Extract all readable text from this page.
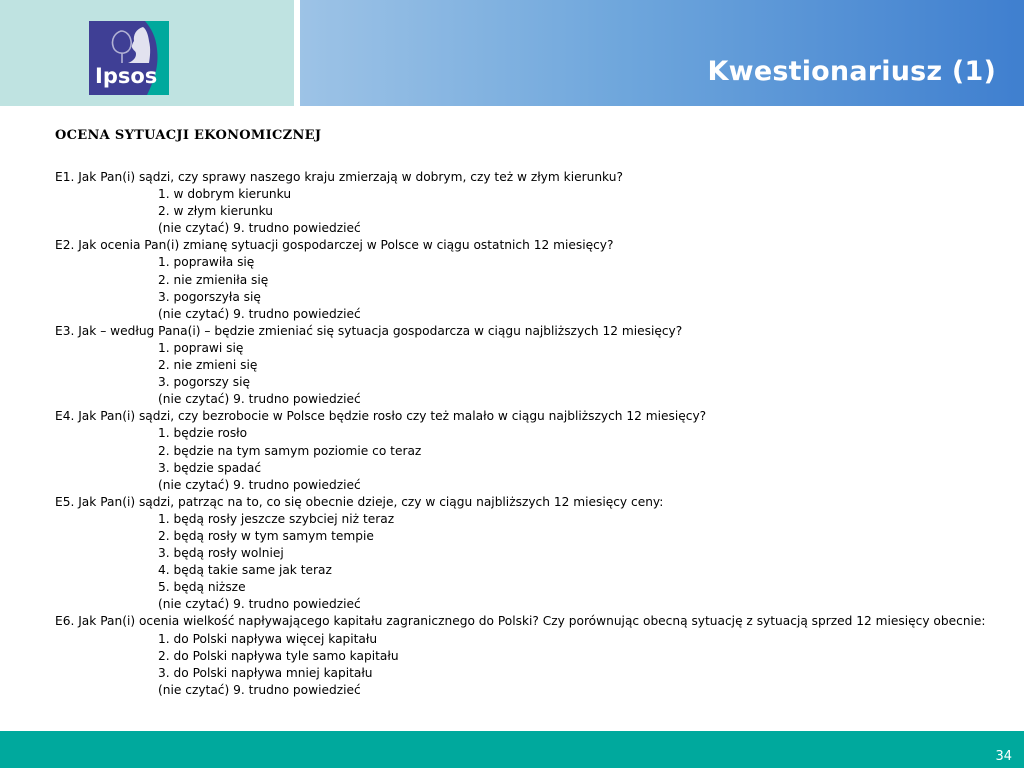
Ipsos	Kwestionariusz (1)
OCENA SYTUACJI EKONOMICZNEJ
E1. Jak Pan(i) sądzi, czy sprawy naszego kraju zmierzają w dobrym, czy też w złym kierunku?
1. w dobrym kierunku
2. w złym kierunku
(nie czytać) 9. trudno powiedzieć
E2. Jak ocenia Pan(i) zmianę sytuacji gospodarczej w Polsce w ciągu ostatnich 12 miesięcy?
1. poprawiła się
2. nie zmieniła się
3. pogorszyła się
(nie czytać) 9. trudno powiedzieć
E3. Jak – według Pana(i) – będzie zmieniać się sytuacja gospodarcza w ciągu najbliższych 12 miesięcy?
1. poprawi się
2. nie zmieni się
3. pogorszy się
(nie czytać) 9. trudno powiedzieć
E4. Jak Pan(i) sądzi, czy bezrobocie w Polsce będzie rosło czy też malało w ciągu najbliższych 12 miesięcy?
1. będzie rosło
2. będzie na tym samym poziomie co teraz
3. będzie spadać
(nie czytać) 9. trudno powiedzieć
E5. Jak Pan(i) sądzi, patrząc na to, co się obecnie dzieje, czy w ciągu najbliższych 12 miesięcy ceny:
1. będą rosły jeszcze szybciej niż teraz
2. będą rosły w tym samym tempie
3. będą rosły wolniej
4. będą takie same jak teraz
5. będą niższe
(nie czytać) 9. trudno powiedzieć
E6. Jak Pan(i) ocenia wielkość napływającego kapitału zagranicznego do Polski? Czy porównując obecną sytuację z sytuacją sprzed 12 miesięcy obecnie:
1. do Polski napływa więcej kapitału
2. do Polski napływa tyle samo kapitału
3. do Polski napływa mniej kapitału
(nie czytać) 9. trudno powiedzieć
34
